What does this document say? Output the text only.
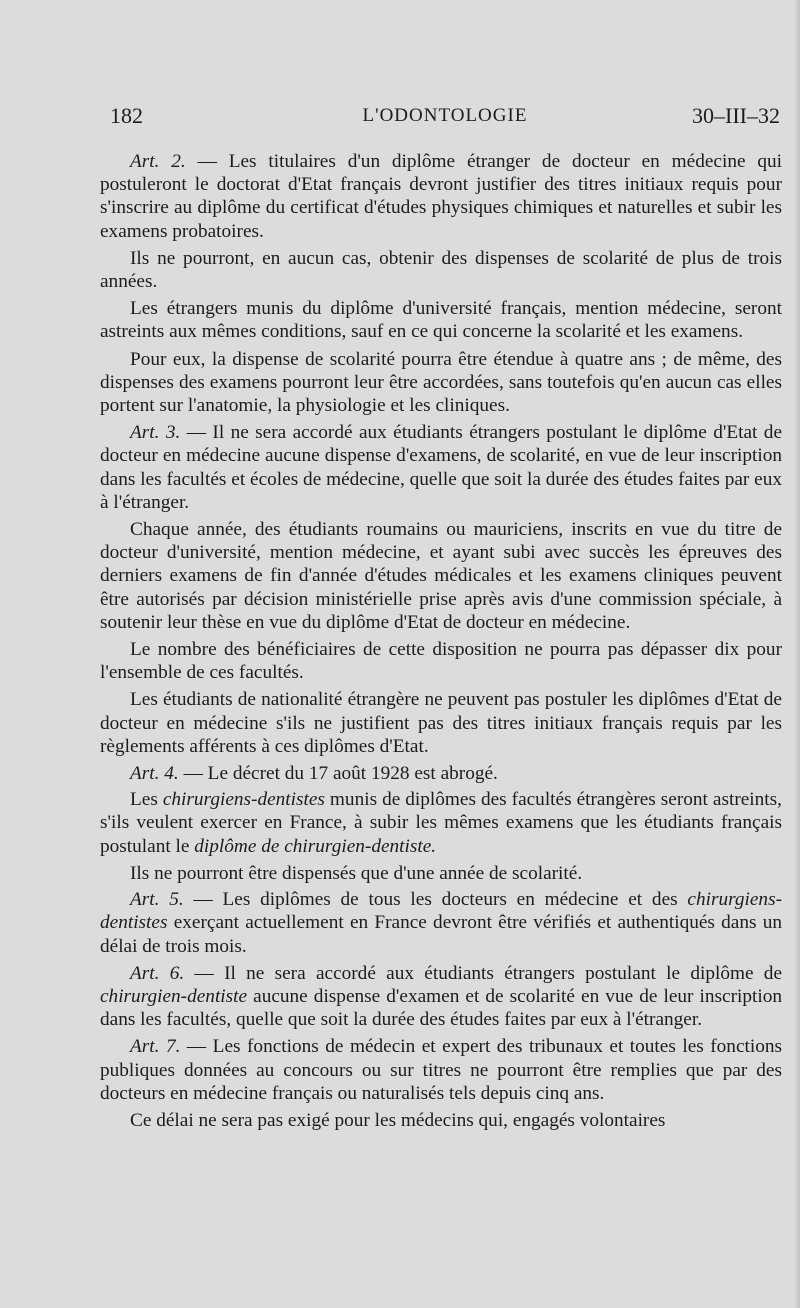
182	L'ODONTOLOGIE	30–III–32

Art. 2. — Les titulaires d'un diplôme étranger de docteur en médecine qui postuleront le doctorat d'Etat français devront justifier des titres initiaux requis pour s'inscrire au diplôme du certificat d'études physiques chimiques et naturelles et subir les examens probatoires.

Ils ne pourront, en aucun cas, obtenir des dispenses de scolarité de plus de trois années.

Les étrangers munis du diplôme d'université français, mention médecine, seront astreints aux mêmes conditions, sauf en ce qui concerne la scolarité et les examens.

Pour eux, la dispense de scolarité pourra être étendue à quatre ans ; de même, des dispenses des examens pourront leur être accordées, sans toutefois qu'en aucun cas elles portent sur l'anatomie, la physiologie et les cliniques.

Art. 3. — Il ne sera accordé aux étudiants étrangers postulant le diplôme d'Etat de docteur en médecine aucune dispense d'examens, de scolarité, en vue de leur inscription dans les facultés et écoles de médecine, quelle que soit la durée des études faites par eux à l'étranger.

Chaque année, des étudiants roumains ou mauriciens, inscrits en vue du titre de docteur d'université, mention médecine, et ayant subi avec succès les épreuves des derniers examens de fin d'année d'études médicales et les examens cliniques peuvent être autorisés par décision ministérielle prise après avis d'une commission spéciale, à soutenir leur thèse en vue du diplôme d'Etat de docteur en médecine.

Le nombre des bénéficiaires de cette disposition ne pourra pas dépasser dix pour l'ensemble de ces facultés.

Les étudiants de nationalité étrangère ne peuvent pas postuler les diplômes d'Etat de docteur en médecine s'ils ne justifient pas des titres initiaux français requis par les règlements afférents à ces diplômes d'Etat.

Art. 4. — Le décret du 17 août 1928 est abrogé.

Les chirurgiens-dentistes munis de diplômes des facultés étrangères seront astreints, s'ils veulent exercer en France, à subir les mêmes examens que les étudiants français postulant le diplôme de chirurgien-dentiste.

Ils ne pourront être dispensés que d'une année de scolarité.

Art. 5. — Les diplômes de tous les docteurs en médecine et des chirurgiens-dentistes exerçant actuellement en France devront être vérifiés et authentiqués dans un délai de trois mois.

Art. 6. — Il ne sera accordé aux étudiants étrangers postulant le diplôme de chirurgien-dentiste aucune dispense d'examen et de scolarité en vue de leur inscription dans les facultés, quelle que soit la durée des études faites par eux à l'étranger.

Art. 7. — Les fonctions de médecin et expert des tribunaux et toutes les fonctions publiques données au concours ou sur titres ne pourront être remplies que par des docteurs en médecine français ou naturalisés tels depuis cinq ans.

Ce délai ne sera pas exigé pour les médecins qui, engagés volontaires
